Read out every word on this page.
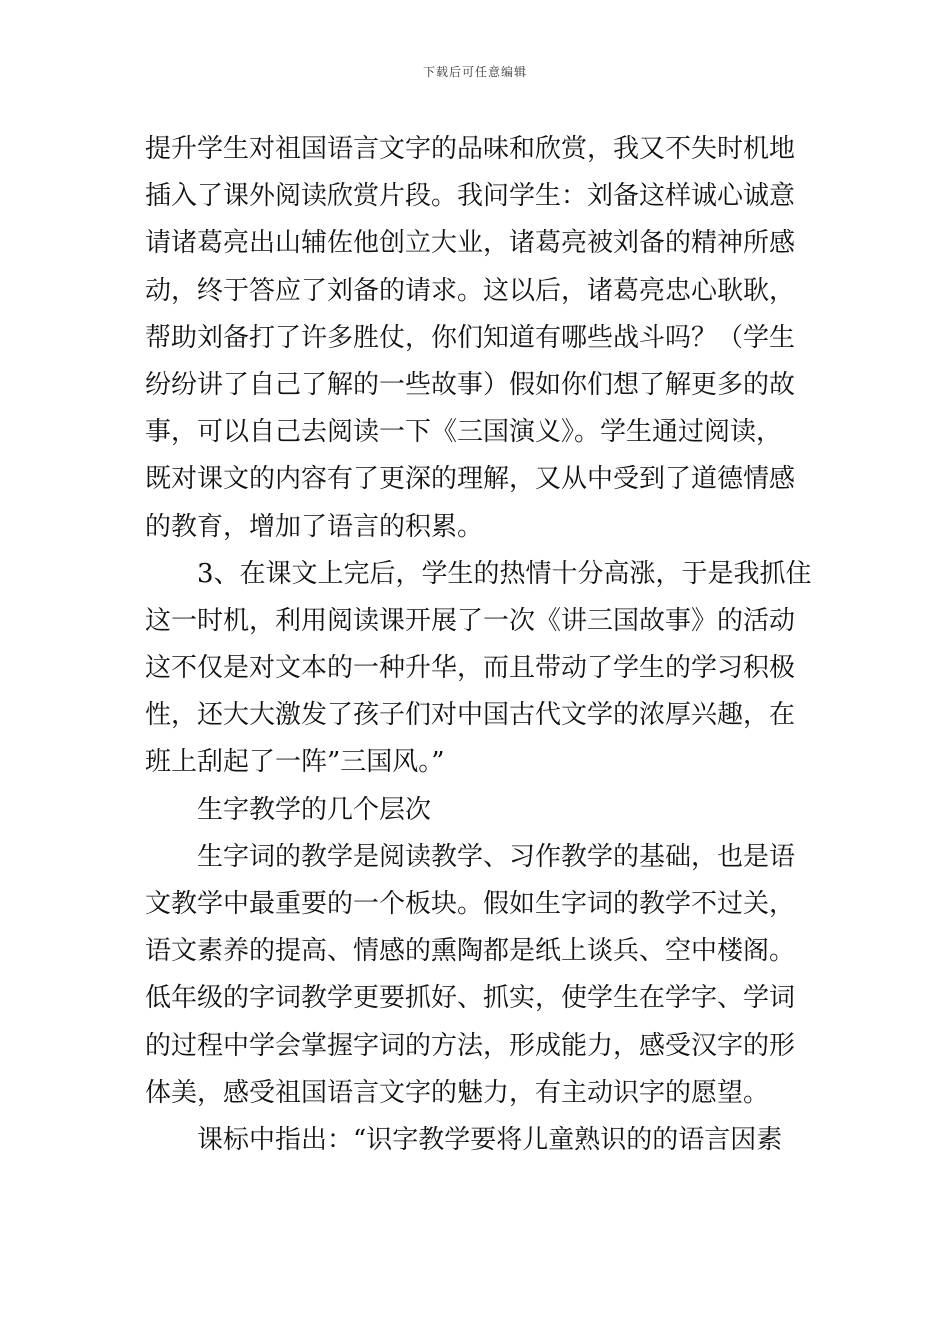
下载后可任意编辑
提升学生对祖国语言文字的品味和欣赏，我又不失时机地
插入了课外阅读欣赏片段。我问学生：刘备这样诚心诚意
请诸葛亮出山辅佐他创立大业，诸葛亮被刘备的精神所感
动，终于答应了刘备的请求。这以后，诸葛亮忠心耿耿，
帮助刘备打了许多胜仗，你们知道有哪些战斗吗？（学生
纷纷讲了自己了解的一些故事）假如你们想了解更多的故
事，可以自己去阅读一下《三国演义》。学生通过阅读，
既对课文的内容有了更深的理解，又从中受到了道德情感
的教育，增加了语言的积累。
3、在课文上完后，学生的热情十分高涨，于是我抓住
这一时机，利用阅读课开展了一次《讲三国故事》的活动
这不仅是对文本的一种升华，而且带动了学生的学习积极
性，还大大激发了孩子们对中国古代文学的浓厚兴趣，在
班上刮起了一阵”三国风。”
生字教学的几个层次
生字词的教学是阅读教学、习作教学的基础，也是语
文教学中最重要的一个板块。假如生字词的教学不过关，
语文素养的提高、情感的熏陶都是纸上谈兵、空中楼阁。
低年级的字词教学更要抓好、抓实，使学生在学字、学词
的过程中学会掌握字词的方法，形成能力，感受汉字的形
体美，感受祖国语言文字的魅力，有主动识字的愿望。
课标中指出：“识字教学要将儿童熟识的的语言因素
